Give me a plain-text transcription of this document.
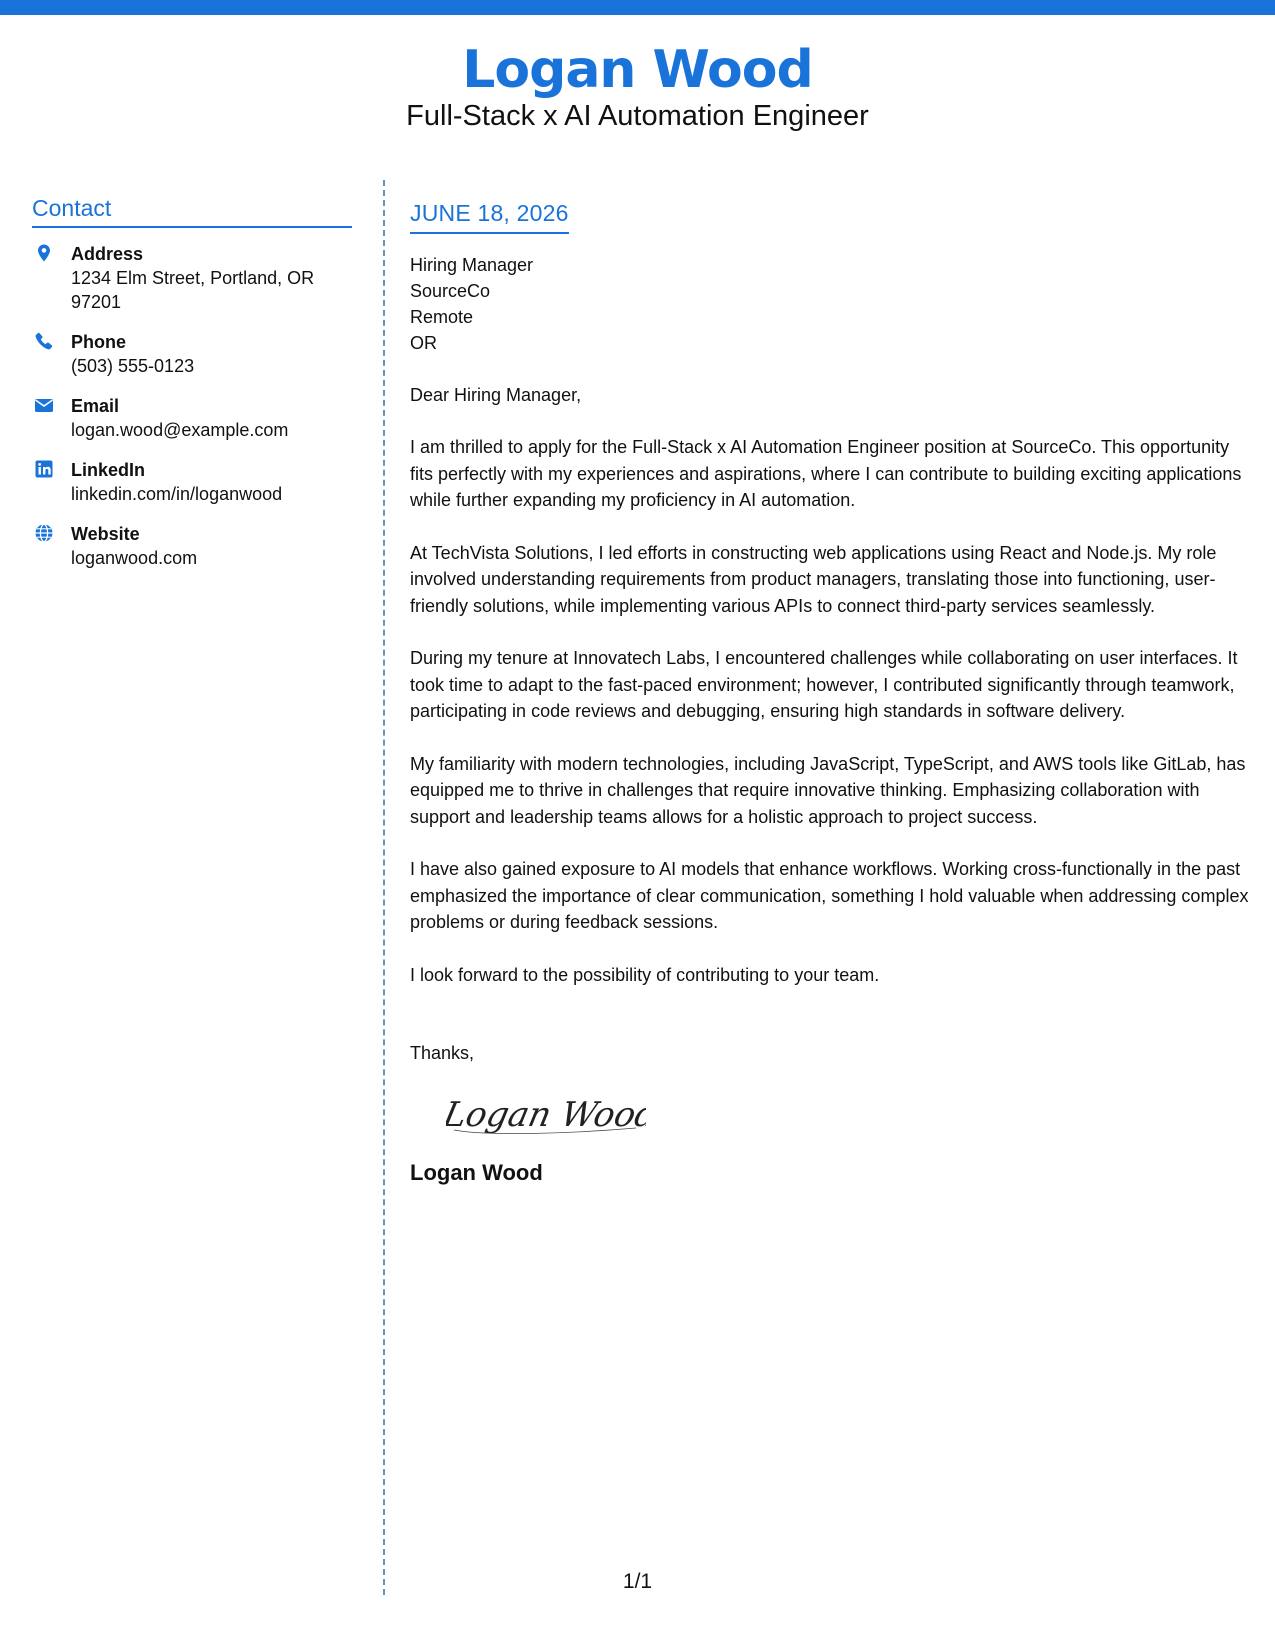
Logan Wood
Full-Stack x AI Automation Engineer
Contact
Address
1234 Elm Street, Portland, OR 97201
Phone
(503) 555-0123
Email
logan.wood@example.com
LinkedIn
linkedin.com/in/loganwood
Website
loganwood.com
JUNE 18, 2026
Hiring Manager
SourceCo
Remote
OR
Dear Hiring Manager,
I am thrilled to apply for the Full-Stack x AI Automation Engineer position at SourceCo. This opportunity fits perfectly with my experiences and aspirations, where I can contribute to building exciting applications while further expanding my proficiency in AI automation.
At TechVista Solutions, I led efforts in constructing web applications using React and Node.js. My role involved understanding requirements from product managers, translating those into functioning, user-friendly solutions, while implementing various APIs to connect third-party services seamlessly.
During my tenure at Innovatech Labs, I encountered challenges while collaborating on user interfaces. It took time to adapt to the fast-paced environment; however, I contributed significantly through teamwork, participating in code reviews and debugging, ensuring high standards in software delivery.
My familiarity with modern technologies, including JavaScript, TypeScript, and AWS tools like GitLab, has equipped me to thrive in challenges that require innovative thinking. Emphasizing collaboration with support and leadership teams allows for a holistic approach to project success.
I have also gained exposure to AI models that enhance workflows. Working cross-functionally in the past emphasized the importance of clear communication, something I hold valuable when addressing complex problems or during feedback sessions.
I look forward to the possibility of contributing to your team.
Thanks,
Logan Wood
Logan Wood
1/1
